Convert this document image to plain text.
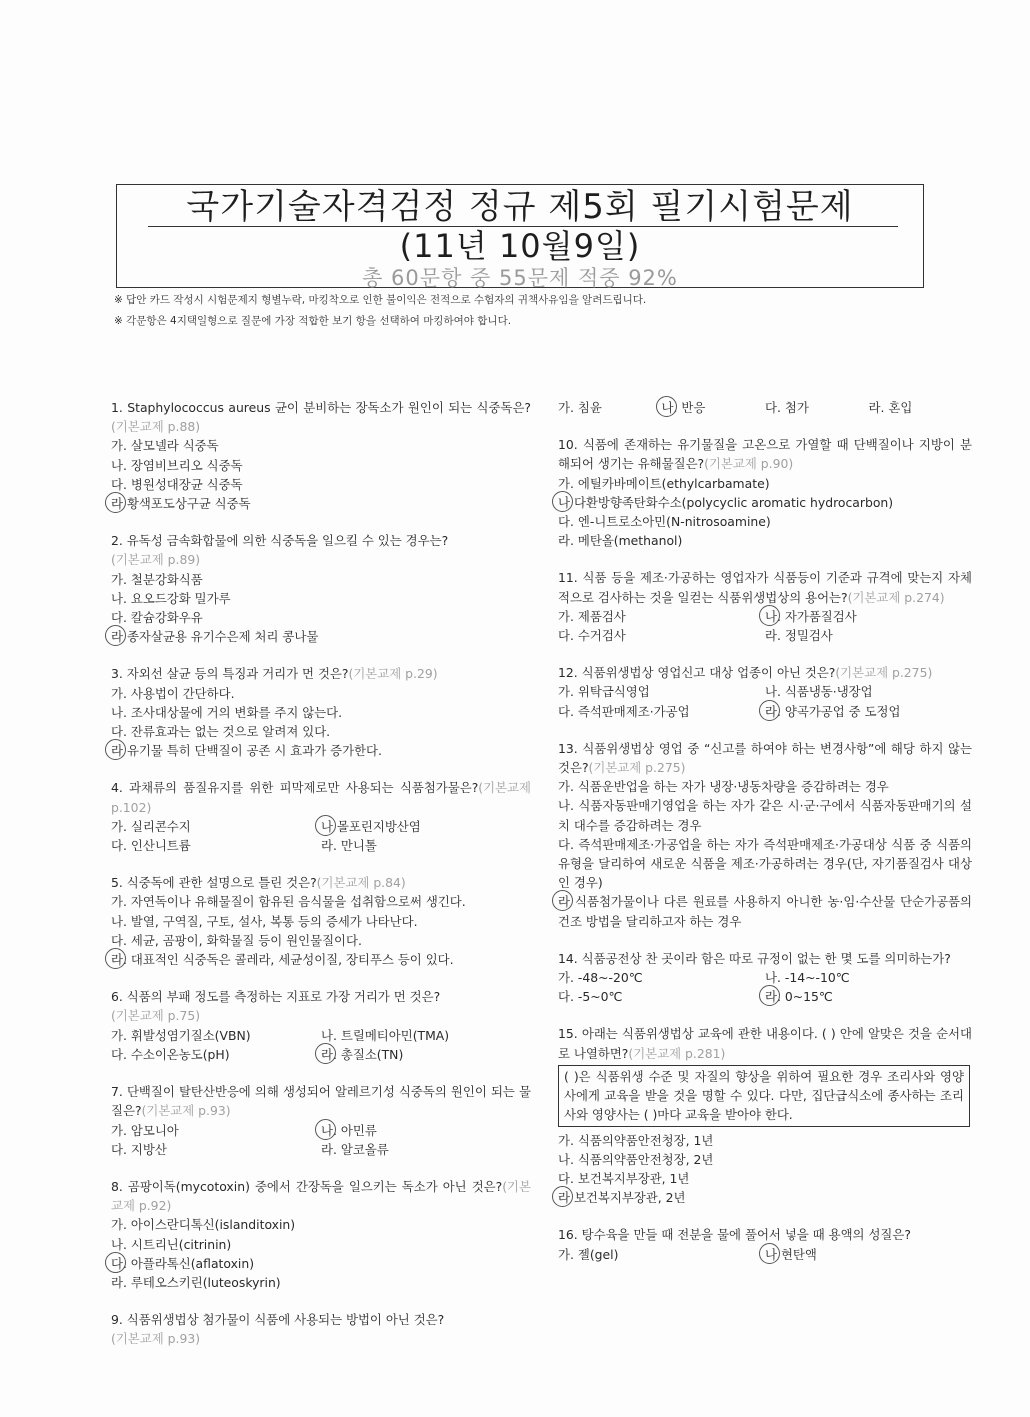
국가기술자격검정 정규 제5회 필기시험문제
(11년 10월9일)
총 60문항 중 55문제 적중 92%
※ 답안 카드 작성시 시험문제지 형별누락, 마킹착오로 인한 불이익은 전적으로 수험자의 귀책사유임을 알려드립니다.
※ 각문항은 4지택일형으로 질문에 가장 적합한 보기 항을 선택하여 마킹하여야 합니다.
1. Staphylococcus aureus 균이 분비하는 장독소가 원인이 되는 식중독은?(기본교제 p.88)
가. 살모넬라 식중독
나. 장염비브리오 식중독
다. 병원성대장균 식중독
라 황색포도상구균 식중독
2. 유독성 금속화합물에 의한 식중독을 일으킬 수 있는 경우는?
(기본교제 p.89)
가. 철분강화식품
나. 요오드강화 밀가루
다. 칼슘강화우유
라 종자살균용 유기수은제 처리 콩나물
3. 자외선 살균 등의 특징과 거리가 먼 것은?(기본교제 p.29)
가. 사용법이 간단하다.
나. 조사대상물에 거의 변화를 주지 않는다.
다. 잔류효과는 없는 것으로 알려져 있다.
라 유기물 특히 단백질이 공존 시 효과가 증가한다.
4. 과채류의 품질유지를 위한 피막제로만 사용되는 식품첨가물은?(기본교제 p.102)
가. 실리콘수지	나 몰포린지방산염
다. 인산니트륨	라. 만니톨
5. 식중독에 관한 설명으로 틀린 것은?(기본교제 p.84)
가. 자연독이나 유해물질이 함유된 음식물을 섭취함으로써 생긴다.
나. 발열, 구역질, 구토, 설사, 복통 등의 증세가 나타난다.
다. 세균, 곰팡이, 화학물질 등이 원인물질이다.
라. 대표적인 식중독은 콜레라, 세균성이질, 장티푸스 등이 있다.
6. 식품의 부패 정도를 측정하는 지표로 가장 거리가 먼 것은?
(기본교제 p.75)
가. 휘발성염기질소(VBN)	나. 트릴메티아민(TMA)
다. 수소이온농도(pH)	라. 총질소(TN)
7. 단백질이 탈탄산반응에 의해 생성되어 알레르기성 식중독의 원인이 되는 물질은?(기본교제 p.93)
가. 암모니아	나. 아민류
다. 지방산	라. 알코올류
8. 곰팡이독(mycotoxin) 중에서 간장독을 일으키는 독소가 아닌 것은?(기본교제 p.92)
가. 아이스란디톡신(islanditoxin)
나. 시트리닌(citrinin)
다. 아플라톡신(aflatoxin)
라. 루테오스키린(luteoskyrin)
9. 식품위생법상 첨가물이 식품에 사용되는 방법이 아닌 것은?
(기본교제 p.93)
가. 침윤	나. 반응	다. 첨가	라. 혼입
10. 식품에 존재하는 유기물질을 고온으로 가열할 때 단백질이나 지방이 분해되어 생기는 유해물질은?(기본교제 p.90)
가. 에틸카바메이트(ethylcarbamate)
나 다환방향족탄화수소(polycyclic aromatic hydrocarbon)
다. 엔-니트로소아민(N-nitrosoamine)
라. 메탄올(methanol)
11. 식품 등을 제조·가공하는 영업자가 식품등이 기준과 규격에 맞는지 자체적으로 검사하는 것을 일컫는 식품위생법상의 용어는?(기본교제 p.274)
가. 제품검사	나. 자가품질검사
다. 수거검사	라. 정밀검사
12. 식품위생법상 영업신고 대상 업종이 아닌 것은?(기본교제 p.275)
가. 위탁급식영업	나. 식품냉동·냉장업
다. 즉석판매제조·가공업	라. 양곡가공업 중 도정업
13. 식품위생법상 영업 중 “신고를 하여야 하는 변경사항”에 해당 하지 않는 것은?(기본교제 p.275)
가. 식품운반업을 하는 자가 냉장·냉동차량을 증감하려는 경우
나. 식품자동판매기영업을 하는 자가 같은 시·군·구에서 식품자동판매기의 설치 대수를 증감하려는 경우
다. 즉석판매제조·가공업을 하는 자가 즉석판매제조·가공대상 식품 중 식품의 유형을 달리하여 새로운 식품을 제조·가공하려는 경우(단, 자기품질검사 대상인 경우)
라 식품첨가물이나 다른 원료를 사용하지 아니한 농·임·수산물 단순가공품의 건조 방법을 달리하고자 하는 경우
14. 식품공전상 찬 곳이라 함은 따로 규정이 없는 한 몇 도를 의미하는가?
가. -48~-20℃	나. -14~-10℃
다. -5~0℃	라. 0~15℃
15. 아래는 식품위생법상 교육에 관한 내용이다. ( ) 안에 알맞은 것을 순서대로 나열하면?(기본교제 p.281)
( )은 식품위생 수준 및 자질의 향상을 위하여 필요한 경우 조리사와 영양사에게 교육을 받을 것을 명할 수 있다. 다만, 집단급식소에 종사하는 조리사와 영양사는 ( )마다 교육을 받아야 한다.
가. 식품의약품안전청장, 1년
나. 식품의약품안전청장, 2년
다. 보건복지부장관, 1년
라 보건복지부장관, 2년
16. 탕수육을 만들 때 전분을 물에 풀어서 넣을 때 용액의 성질은?
가. 젤(gel)	나 현탄액
